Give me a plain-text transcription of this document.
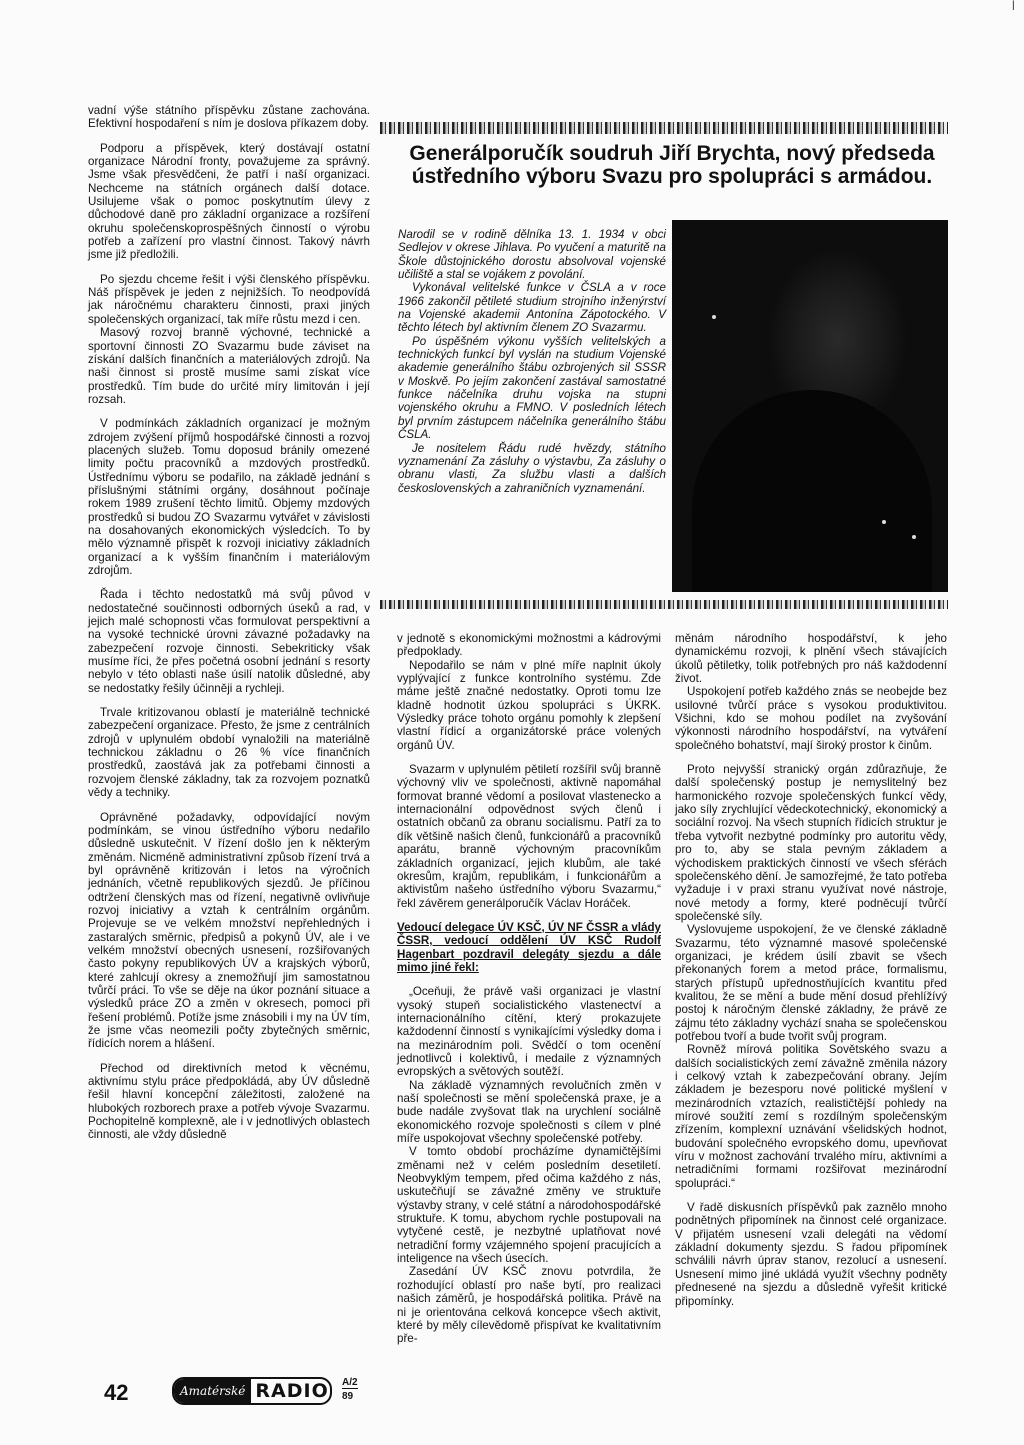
|

vadní výše státního příspěvku zůstane zachována. Efektivní hospodaření s ním je doslova příkazem doby.

Podporu a příspěvek, který dostávají ostatní organizace Národní fronty, považujeme za správný. Jsme však přesvědčeni, že patří i naší organizaci. Nechceme na státních orgánech další dotace. Usilujeme však o pomoc poskytnutím úlevy z důchodové daně pro základní organizace a rozšíření okruhu společenskoprospěšných činností o výrobu potřeb a zařízení pro vlastní činnost. Takový návrh jsme již předložili.

Po sjezdu chceme řešit i výši členského příspěvku. Náš příspěvek je jeden z nejnižších. To neodpovídá jak náročnému charakteru činnosti, praxi jiných společenských organizací, tak míře růstu mezd i cen.

Masový rozvoj branně výchovné, technické a sportovní činnosti ZO Svazarmu bude záviset na získání dalších finančních a materiálových zdrojů. Na naši činnost si prostě musíme sami získat více prostředků. Tím bude do určité míry limitován i její rozsah.

V podmínkách základních organizací je možným zdrojem zvýšení příjmů hospodářské činnosti a rozvoj placených služeb. Tomu doposud bránily omezené limity počtu pracovníků a mzdových prostředků. Ústřednímu výboru se podařilo, na základě jednání s příslušnými státními orgány, dosáhnout počínaje rokem 1989 zrušení těchto limitů. Objemy mzdových prostředků si budou ZO Svazarmu vytvářet v závislosti na dosahovaných ekonomických výsledcích. To by mělo významně přispět k rozvoji iniciativy základních organizací a k vyšším finančním i materiálovým zdrojům.

Řada i těchto nedostatků má svůj původ v nedostatečné součinnosti odborných úseků a rad, v jejich malé schopnosti včas formulovat perspektivní a na vysoké technické úrovni závazné požadavky na zabezpečení rozvoje činnosti. Sebekriticky však musíme říci, že přes početná osobní jednání s resorty nebylo v této oblasti naše úsilí natolik důsledné, aby se nedostatky řešily účinněji a rychleji.

Trvale kritizovanou oblastí je materiálně technické zabezpečení organizace. Přesto, že jsme z centrálních zdrojů v uplynulém období vynaložili na materiálně technickou základnu o 26 % více finančních prostředků, zaostává jak za potřebami činnosti a rozvojem členské základny, tak za rozvojem poznatků vědy a techniky.

Oprávněné požadavky, odpovídající novým podmínkám, se vinou ústředního výboru nedařilo důsledně uskutečnit. V řízení došlo jen k některým změnám. Nicméně administrativní způsob řízení trvá a byl oprávněně kritizován i letos na výročních jednáních, včetně republikových sjezdů. Je příčinou odtržení členských mas od řízení, negativně ovlivňuje rozvoj iniciativy a vztah k centrálním orgánům. Projevuje se ve velkém množství nepřehledných i zastaralých směrnic, předpisů a pokynů ÚV, ale i ve velkém množství obecných usnesení, rozšiřovaných často pokyny republikových ÚV a krajských výborů, které zahlcují okresy a znemožňují jim samostatnou tvůrčí práci. To vše se děje na úkor poznání situace a výsledků práce ZO a změn v okresech, pomoci při řešení problémů. Potíže jsme znásobili i my na ÚV tím, že jsme včas neomezili počty zbytečných směrnic, řídicích norem a hlášení.

Přechod od direktivních metod k věcnému, aktivnímu stylu práce předpokládá, aby ÚV důsledně řešil hlavní koncepční záležitosti, založené na hlubokých rozborech praxe a potřeb vývoje Svazarmu. Pochopitelně komplexně, ale i v jednotlivých oblastech činnosti, ale vždy důsledně

Generálporučík soudruh Jiří Brychta, nový předseda ústředního výboru Svazu pro spolupráci s armádou.

Narodil se v rodině dělníka 13. 1. 1934 v obci Sedlejov v okrese Jihlava. Po vyučení a maturitě na Škole důstojnického dorostu absolvoval vojenské učiliště a stal se vojákem z povolání.

Vykonával velitelské funkce v ČSLA a v roce 1966 zakončil pětileté studium strojního inženýrství na Vojenské akademii Antonína Zápotockého. V těchto létech byl aktivním členem ZO Svazarmu.

Po úspěšném výkonu vyšších velitelských a technických funkcí byl vyslán na studium Vojenské akademie generálního štábu ozbrojených sil SSSR v Moskvě. Po jejím zakončení zastával samostatné funkce náčelníka druhu vojska na stupni vojenského okruhu a FMNO. V posledních létech byl prvním zástupcem náčelníka generálního štábu ČSLA.

Je nositelem Řádu rudé hvězdy, státního vyznamenání Za zásluhy o výstavbu, Za zásluhy o obranu vlasti, Za službu vlasti a dalších československých a zahraničních vyznamenání.

v jednotě s ekonomickými možnostmi a kádrovými předpoklady.

Nepodařilo se nám v plné míře naplnit úkoly vyplývající z funkce kontrolního systému. Zde máme ještě značné nedostatky. Oproti tomu lze kladně hodnotit úzkou spolupráci s ÚKRK. Výsledky práce tohoto orgánu pomohly k zlepšení vlastní řídicí a organizátorské práce volených orgánů ÚV.

Svazarm v uplynulém pětiletí rozšířil svůj branně výchovný vliv ve společnosti, aktivně napomáhal formovat branné vědomí a posilovat vlastenecko a internacionální odpovědnost svých členů i ostatních občanů za obranu socialismu. Patří za to dík většině našich členů, funkcionářů a pracovníků aparátu, branně výchovným pracovníkům základních organizací, jejich klubům, ale také okresům, krajům, republikám, i funkcionářům a aktivistům našeho ústředního výboru Svazarmu,“ řekl závěrem generálporučík Václav Horáček.

Vedoucí delegace ÚV KSČ, ÚV NF ČSSR a vlády ČSSR, vedoucí oddělení ÚV KSČ Rudolf Hagenbart pozdravil delegáty sjezdu a dále mimo jiné řekl:

„Oceňuji, že právě vaši organizaci je vlastní vysoký stupeň socialistického vlastenectví a internacionálního cítění, který prokazujete každodenní činností s vynikajícími výsledky doma i na mezinárodním poli. Svědčí o tom ocenění jednotlivců i kolektivů, i medaile z významných evropských a světových soutěží.

Na základě významných revolučních změn v naší společnosti se mění společenská praxe, je a bude nadále zvyšovat tlak na urychlení sociálně ekonomického rozvoje společnosti s cílem v plné míře uspokojovat všechny společenské potřeby.

V tomto období procházíme dynamičtějšími změnami než v celém posledním desetiletí. Neobvyklým tempem, před očima každého z nás, uskutečňují se závažné změny ve struktuře výstavby strany, v celé státní a národohospodářské struktuře. K tomu, abychom rychle postupovali na vytyčené cestě, je nezbytné uplatňovat nové netradiční formy vzájemného spojení pracujících a inteligence na všech úsecích.

Zasedání ÚV KSČ znovu potvrdila, že rozhodující oblastí pro naše bytí, pro realizaci našich záměrů, je hospodářská politika. Právě na ni je orientována celková koncepce všech aktivit, které by měly cílevědomě přispívat ke kvalitativním pře-

měnám národního hospodářství, k jeho dynamickému rozvoji, k plnění všech stávajících úkolů pětiletky, tolik potřebných pro náš každodenní život.

Uspokojení potřeb každého znás se neobejde bez usilovné tvůrčí práce s vysokou produktivitou. Všichni, kdo se mohou podílet na zvyšování výkonnosti národního hospodářství, na vytváření společného bohatství, mají široký prostor k činům.

Proto nejvyšší stranický orgán zdůrazňuje, že další společenský postup je nemyslitelný bez harmonického rozvoje společenských funkcí vědy, jako síly zrychlující vědeckotechnický, ekonomický a sociální rozvoj. Na všech stupních řídicích struktur je třeba vytvořit nezbytné podmínky pro autoritu vědy, pro to, aby se stala pevným základem a východiskem praktických činností ve všech sférách společenského dění. Je samozřejmé, že tato potřeba vyžaduje i v praxi stranu využívat nové nástroje, nové metody a formy, které podněcují tvůrčí společenské síly.

Vyslovujeme uspokojení, že ve členské základně Svazarmu, této významné masové společenské organizaci, je krédem úsilí zbavit se všech překonaných forem a metod práce, formalismu, starých přístupů upřednostňujících kvantitu před kvalitou, že se mění a bude mění dosud přehlížívý postoj k náročným členské základny, že právě ze zájmu této základny vychází snaha se společenskou potřebou tvoří a bude tvořit svůj program.

Rovněž mírová politika Sovětského svazu a dalších socialistických zemí závažně změnila názory i celkový vztah k zabezpečování obrany. Jejím základem je bezesporu nové politické myšlení v mezinárodních vztazích, realističtější pohledy na mírové soužití zemí s rozdílným společenským zřízením, komplexní uznávání všelidských hodnot, budování společného evropského domu, upevňovat víru v možnost zachování trvalého míru, aktivními a netradičními formami rozšiřovat mezinárodní spolupráci.“

V řadě diskusních příspěvků pak zaznělo mnoho podnětných připomínek na činnost celé organizace. V přijatém usnesení vzali delegáti na vědomí základní dokumenty sjezdu. S řadou připomínek schválili návrh úprav stanov, rezolucí a usnesení. Usnesení mimo jiné ukládá využít všechny podněty přednesené na sjezdu a důsledně vyřešit kritické připomínky.

42	Amatérské RADIO A/2
89
